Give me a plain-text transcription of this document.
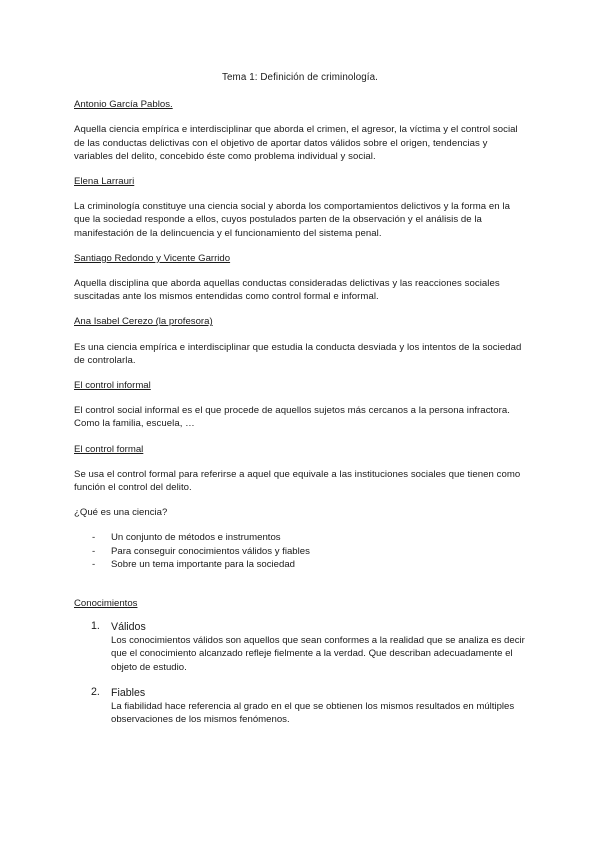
Tema 1: Definición de criminología.
Antonio García Pablos.
Aquella ciencia empírica e interdisciplinar que aborda el crimen, el agresor, la víctima y el control social de las conductas delictivas con el objetivo de aportar datos válidos sobre el origen, tendencias y variables del delito, concebido éste como problema individual y social.
Elena Larrauri
La criminología constituye una ciencia social y aborda los comportamientos delictivos y la forma en la que la sociedad responde a ellos, cuyos postulados parten de la observación y el análisis de la manifestación de la delincuencia y el funcionamiento del sistema penal.
Santiago Redondo y Vicente Garrido
Aquella disciplina que aborda aquellas conductas consideradas delictivas y las reacciones sociales suscitadas ante los mismos entendidas como control formal e informal.
Ana Isabel Cerezo (la profesora)
Es una ciencia empírica e interdisciplinar que estudia la conducta desviada y los intentos de la sociedad de controlarla.
El control informal
El control social informal es el que procede de aquellos sujetos más cercanos a la persona infractora. Como la familia, escuela, …
El control formal
Se usa el control formal para referirse a aquel que equivale a las instituciones sociales que tienen como función el control del delito.
¿Qué es una ciencia?
- Un conjunto de métodos e instrumentos
- Para conseguir conocimientos válidos y fiables
- Sobre un tema importante para la sociedad
Conocimientos
1. Válidos
Los conocimientos válidos son aquellos que sean conformes a la realidad que se analiza es decir que el conocimiento alcanzado refleje fielmente a la verdad. Que describan adecuadamente el objeto de estudio.
2. Fiables
La fiabilidad hace referencia al grado en el que se obtienen los mismos resultados en múltiples observaciones de los mismos fenómenos.
